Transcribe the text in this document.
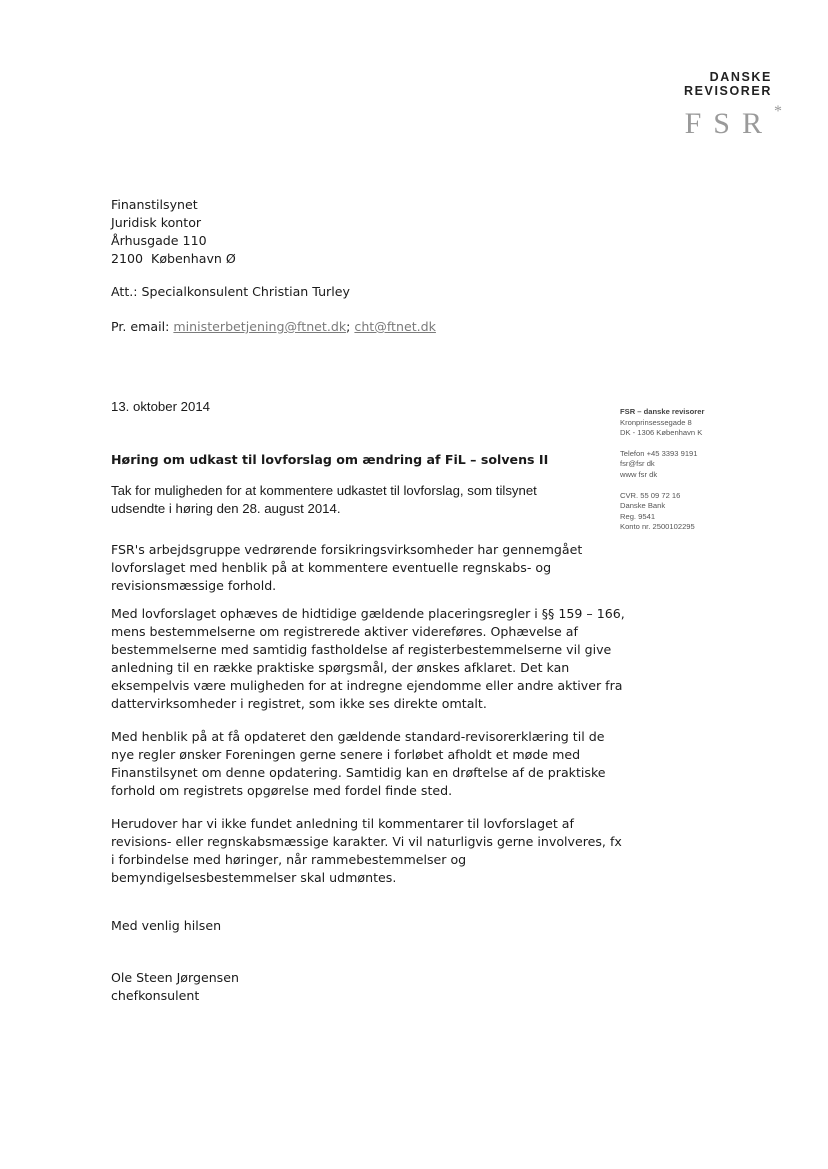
DANSKE
REVISORER
FSR*
Finanstilsynet
Juridisk kontor
Århusgade 110
2100  København Ø
Att.: Specialkonsulent Christian Turley
Pr. email: ministerbetjening@ftnet.dk; cht@ftnet.dk
13. oktober 2014	FSR – danske revisorer
Kronprinsessegade 8
DK - 1306 København K
Telefon +45 3393 9191
fsr@fsr dk
www fsr dk
CVR. 55 09 72 16
Danske Bank
Reg. 9541
Konto nr. 2500102295
Høring om udkast til lovforslag om ændring af FiL – solvens II
Tak for muligheden for at kommentere udkastet til lovforslag, som tilsynet
udsendte i høring den 28. august 2014.
FSR's arbejdsgruppe vedrørende forsikringsvirksomheder har gennemgået
lovforslaget med henblik på at kommentere eventuelle regnskabs- og
revisionsmæssige forhold.
Med lovforslaget ophæves de hidtidige gældende placeringsregler i §§ 159 – 166,
mens bestemmelserne om registrerede aktiver videreføres. Ophævelse af
bestemmelserne med samtidig fastholdelse af registerbestemmelserne vil give
anledning til en række praktiske spørgsmål, der ønskes afklaret. Det kan
eksempelvis være muligheden for at indregne ejendomme eller andre aktiver fra
dattervirksomheder i registret, som ikke ses direkte omtalt.
Med henblik på at få opdateret den gældende standard-revisorerklæring til de
nye regler ønsker Foreningen gerne senere i forløbet afholdt et møde med
Finanstilsynet om denne opdatering. Samtidig kan en drøftelse af de praktiske
forhold om registrets opgørelse med fordel finde sted.
Herudover har vi ikke fundet anledning til kommentarer til lovforslaget af
revisions- eller regnskabsmæssige karakter. Vi vil naturligvis gerne involveres, fx
i forbindelse med høringer, når rammebestemmelser og
bemyndigelsesbestemmelser skal udmøntes.
Med venlig hilsen
Ole Steen Jørgensen
chefkonsulent
